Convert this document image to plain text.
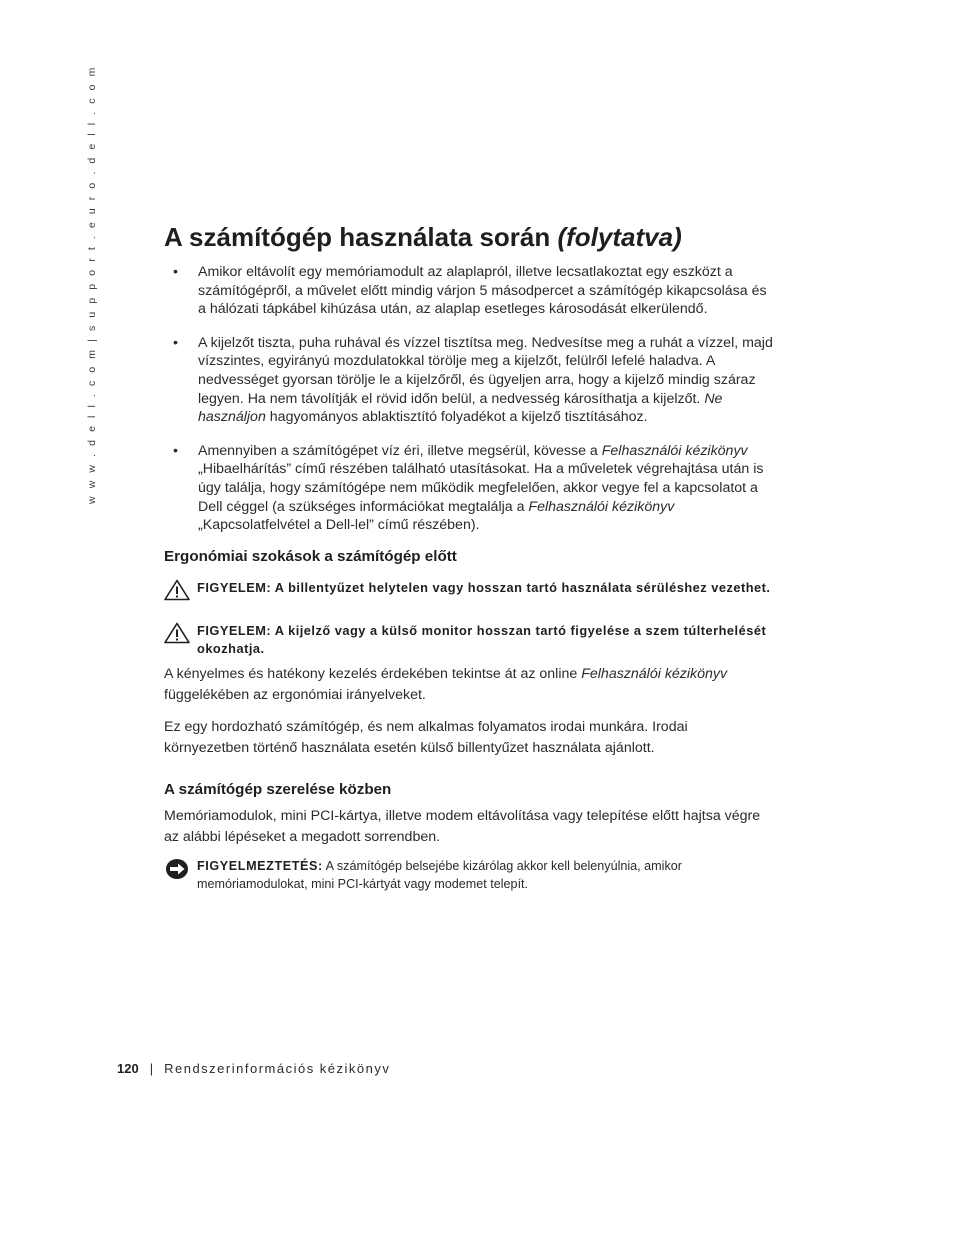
w w w . d e l l . c o m | s u p p o r t . e u r o . d e l l . c o m	A számítógép használata során (folytatva)
• Amikor eltávolít egy memóriamodult az alaplapról, illetve lecsatlakoztat egy eszközt a számítógépről, a művelet előtt mindig várjon 5 másodpercet a számítógép kikapcsolása és a hálózati tápkábel kihúzása után, az alaplap esetleges károsodását elkerülendő.
• A kijelzőt tiszta, puha ruhával és vízzel tisztítsa meg. Nedvesítse meg a ruhát a vízzel, majd vízszintes, egyirányú mozdulatokkal törölje meg a kijelzőt, felülről lefelé haladva. A nedvességet gyorsan törölje le a kijelzőről, és ügyeljen arra, hogy a kijelző mindig száraz legyen. Ha nem távolítják el rövid időn belül, a nedvesség károsíthatja a kijelzőt. Ne használjon hagyományos ablaktisztító folyadékot a kijelző tisztításához.
• Amennyiben a számítógépet víz éri, illetve megsérül, kövesse a Felhasználói kézikönyv „Hibaelhárítás” című részében található utasításokat. Ha a műveletek végrehajtása után is úgy találja, hogy számítógépe nem működik megfelelően, akkor vegye fel a kapcsolatot a Dell céggel (a szükséges információkat megtalálja a Felhasználói kézikönyv „Kapcsolatfelvétel a Dell-lel” című részében).
Ergonómiai szokások a számítógép előtt
FIGYELEM: A billentyűzet helytelen vagy hosszan tartó használata sérüléshez vezethet.
FIGYELEM: A kijelző vagy a külső monitor hosszan tartó figyelése a szem túlterhelését okozhatja.

A kényelmes és hatékony kezelés érdekében tekintse át az online Felhasználói kézikönyv függelékében az ergonómiai irányelveket.

Ez egy hordozható számítógép, és nem alkalmas folyamatos irodai munkára. Irodai környezetben történő használata esetén külső billentyűzet használata ajánlott.

A számítógép szerelése közben

Memóriamodulok, mini PCI-kártya, illetve modem eltávolítása vagy telepítése előtt hajtsa végre az alábbi lépéseket a megadott sorrendben.

FIGYELMEZTETÉS: A számítógép belsejébe kizárólag akkor kell belenyúlnia, amikor memóriamodulokat, mini PCI-kártyát vagy modemet telepít.
120 | Rendszerinformációs kézikönyv
